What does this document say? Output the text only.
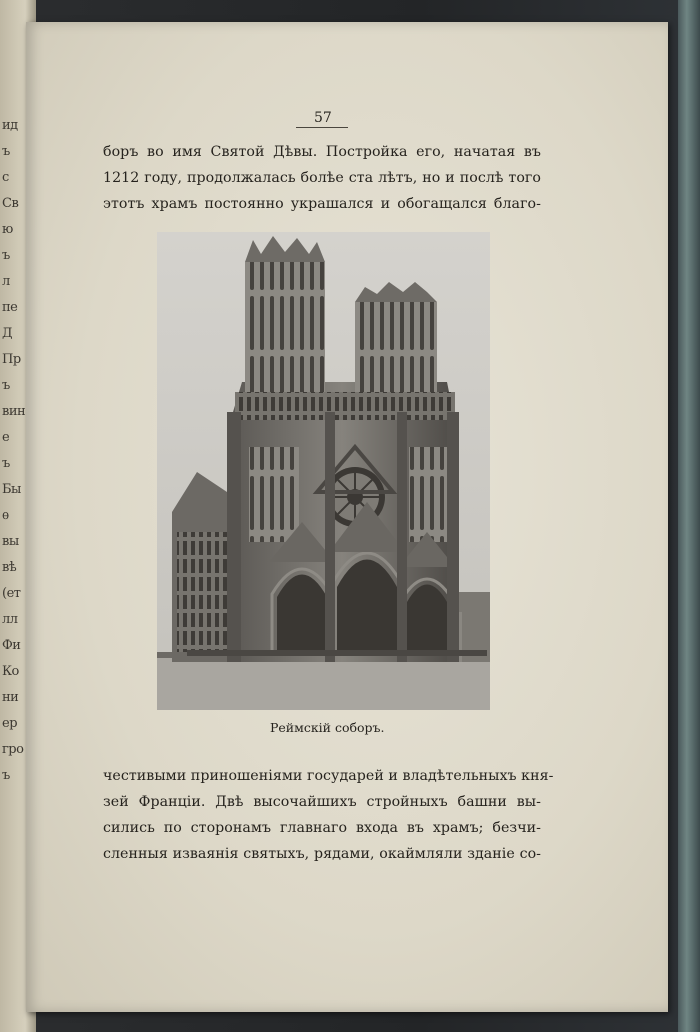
ид
ъ
с
Св
ю
ъ
л
пе
Д
Пр
ъ
вин
е
ъ
Бы
ѳ
вы
вѣ
(ет
лл
Фи
Ко
ни
ер
гро
ъ
57
боръ во имя Святой Дѣвы. Постройка его, начатая въ
1212 году, продолжалась болѣе ста лѣтъ, но и послѣ того
этотъ храмъ постоянно украшался и обогащался благо-
Реймскій соборъ.
честивыми приношеніями государей и владѣтельныхъ кня-
зей Франціи. Двѣ высочайшихъ стройныхъ башни вы-
сились по сторонамъ главнаго входа въ храмъ; безчи-
сленныя изваянія святыхъ, рядами, окаймляли зданіе со-
